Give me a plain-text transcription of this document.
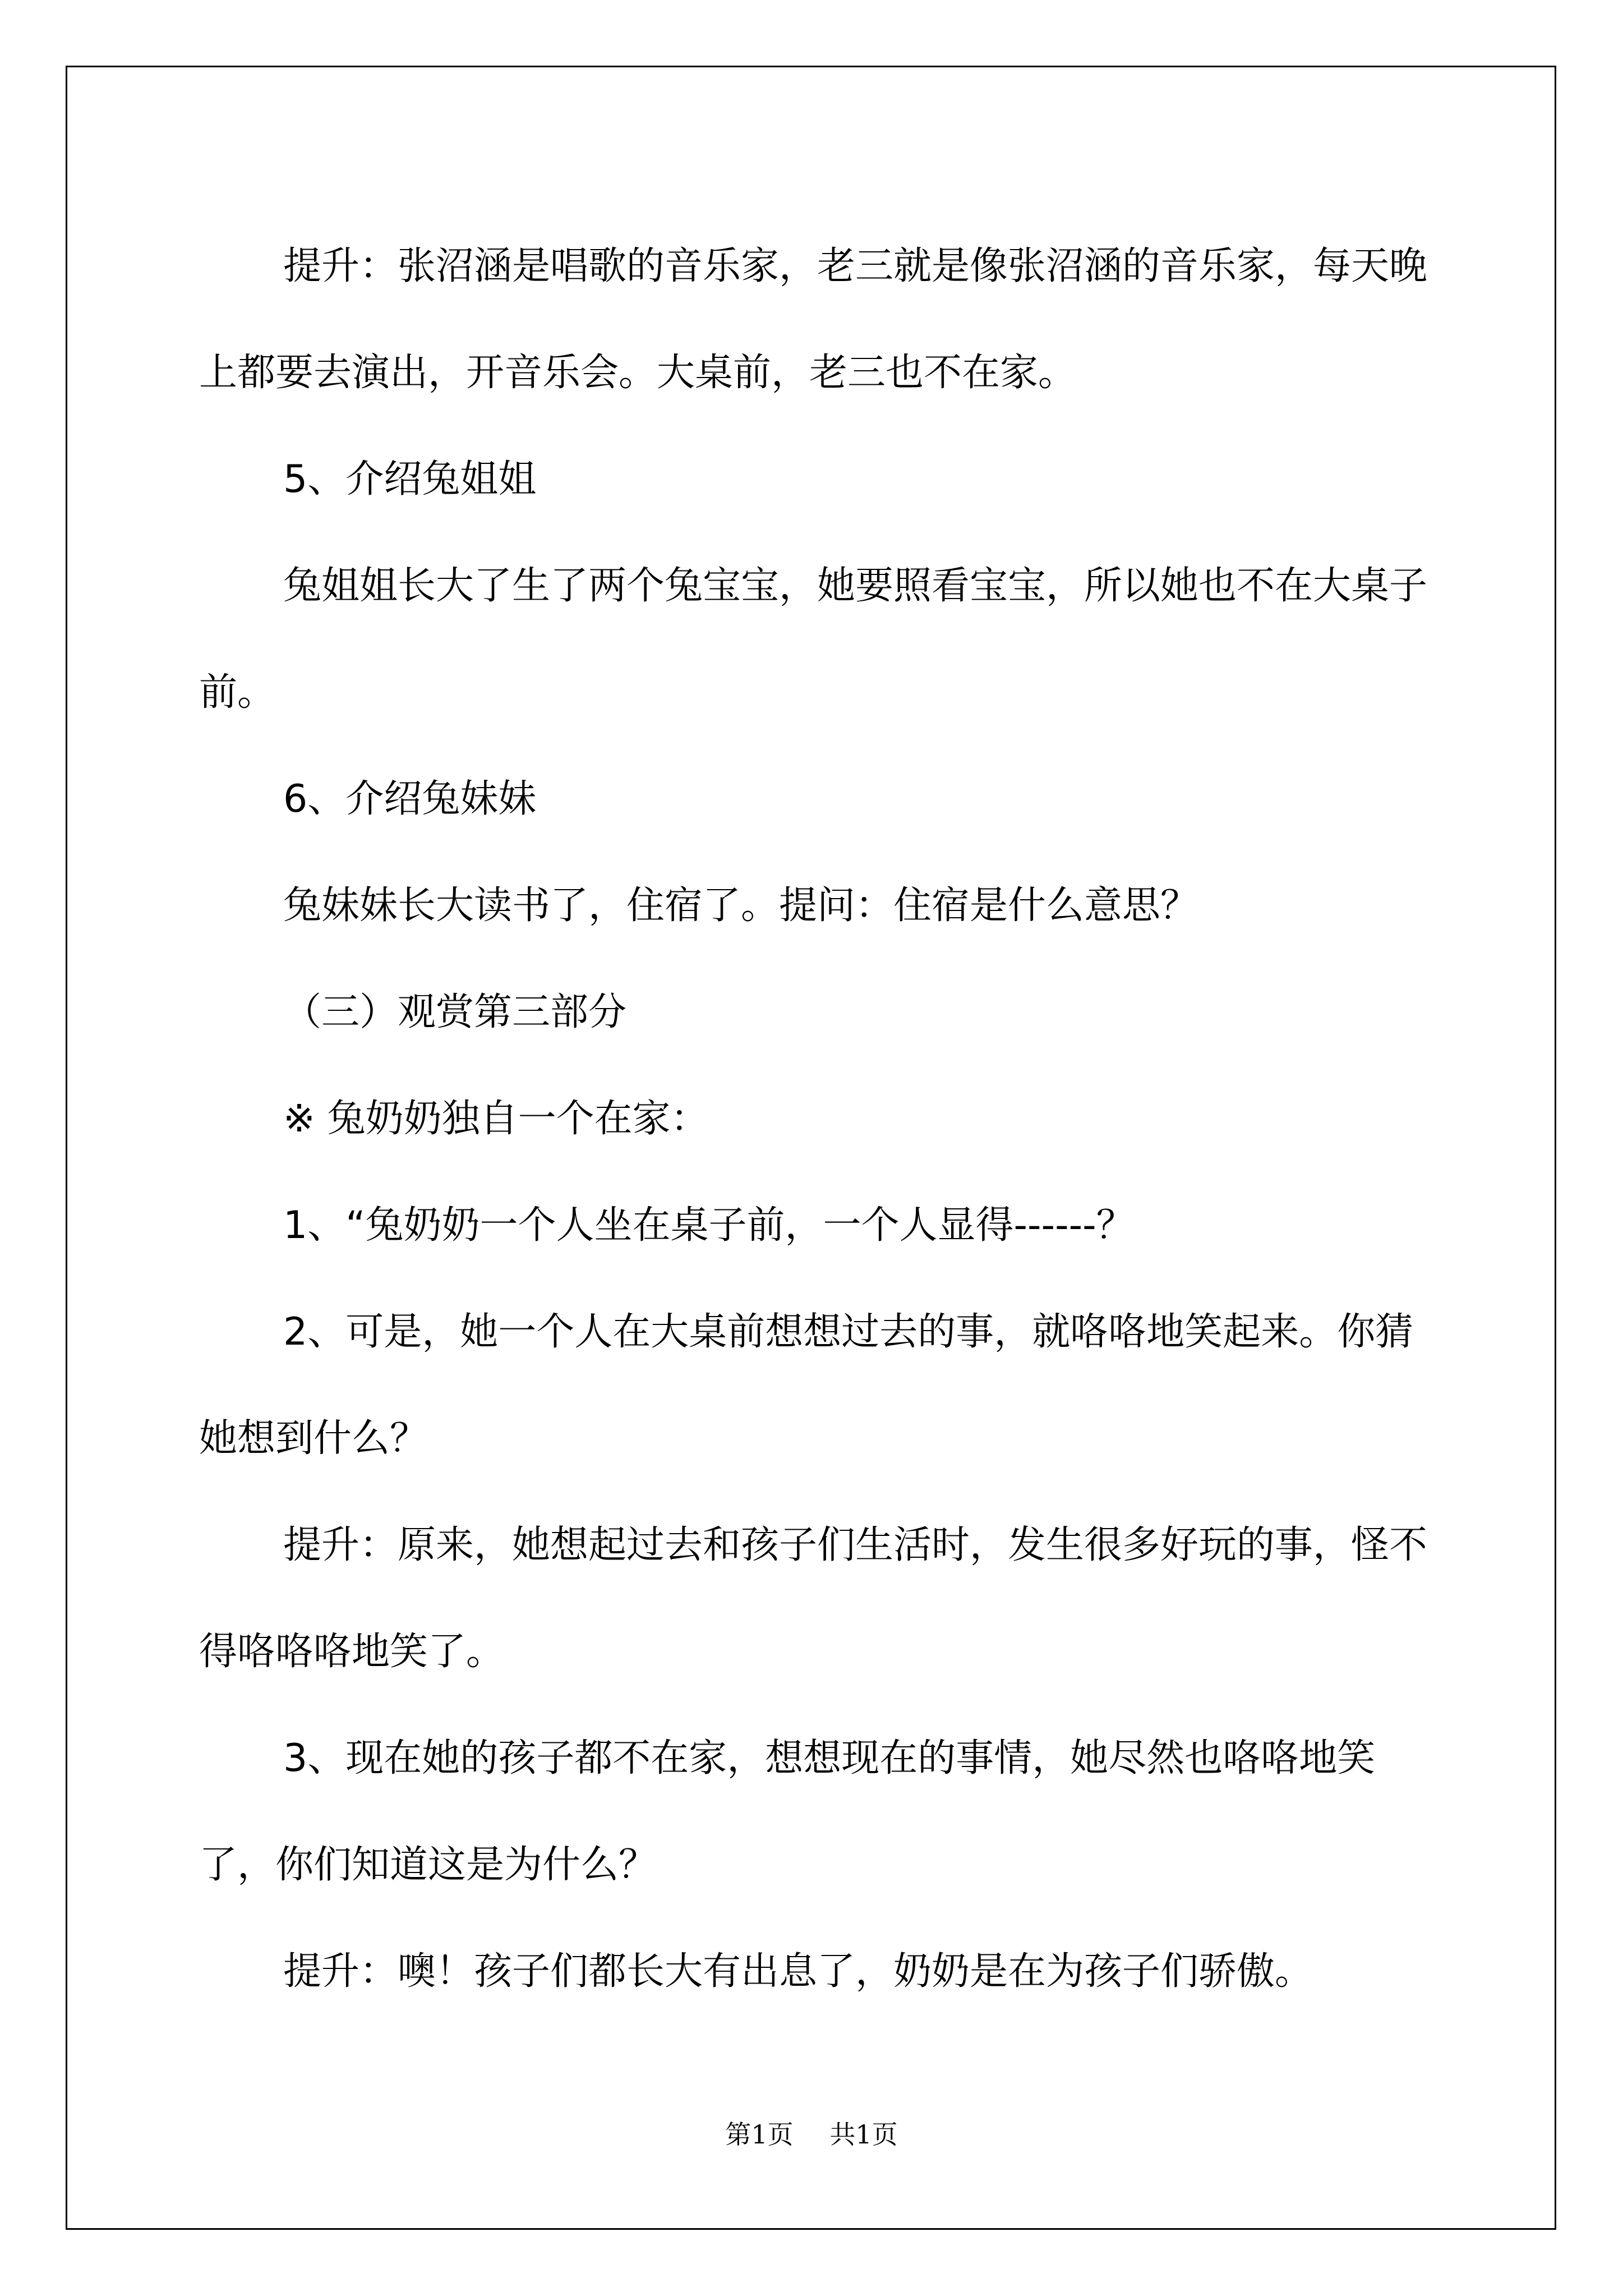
提升：张沼涵是唱歌的音乐家，老三就是像张沼涵的音乐家，每天晚上都要去演出，开音乐会。大桌前，老三也不在家。

5、介绍兔姐姐

兔姐姐长大了生了两个兔宝宝，她要照看宝宝，所以她也不在大桌子前。

6、介绍兔妹妹

兔妹妹长大读书了，住宿了。提问：住宿是什么意思？

（三）观赏第三部分

※ 兔奶奶独自一个在家：

1、“兔奶奶一个人坐在桌子前，一个人显得------？

2、可是，她一个人在大桌前想想过去的事，就咯咯地笑起来。你猜她想到什么？

提升：原来，她想起过去和孩子们生活时，发生很多好玩的事，怪不得咯咯咯地笑了。

3、现在她的孩子都不在家，想想现在的事情，她尽然也咯咯地笑了，你们知道这是为什么？

提升：噢！孩子们都长大有出息了，奶奶是在为孩子们骄傲。

第1页 共1页
